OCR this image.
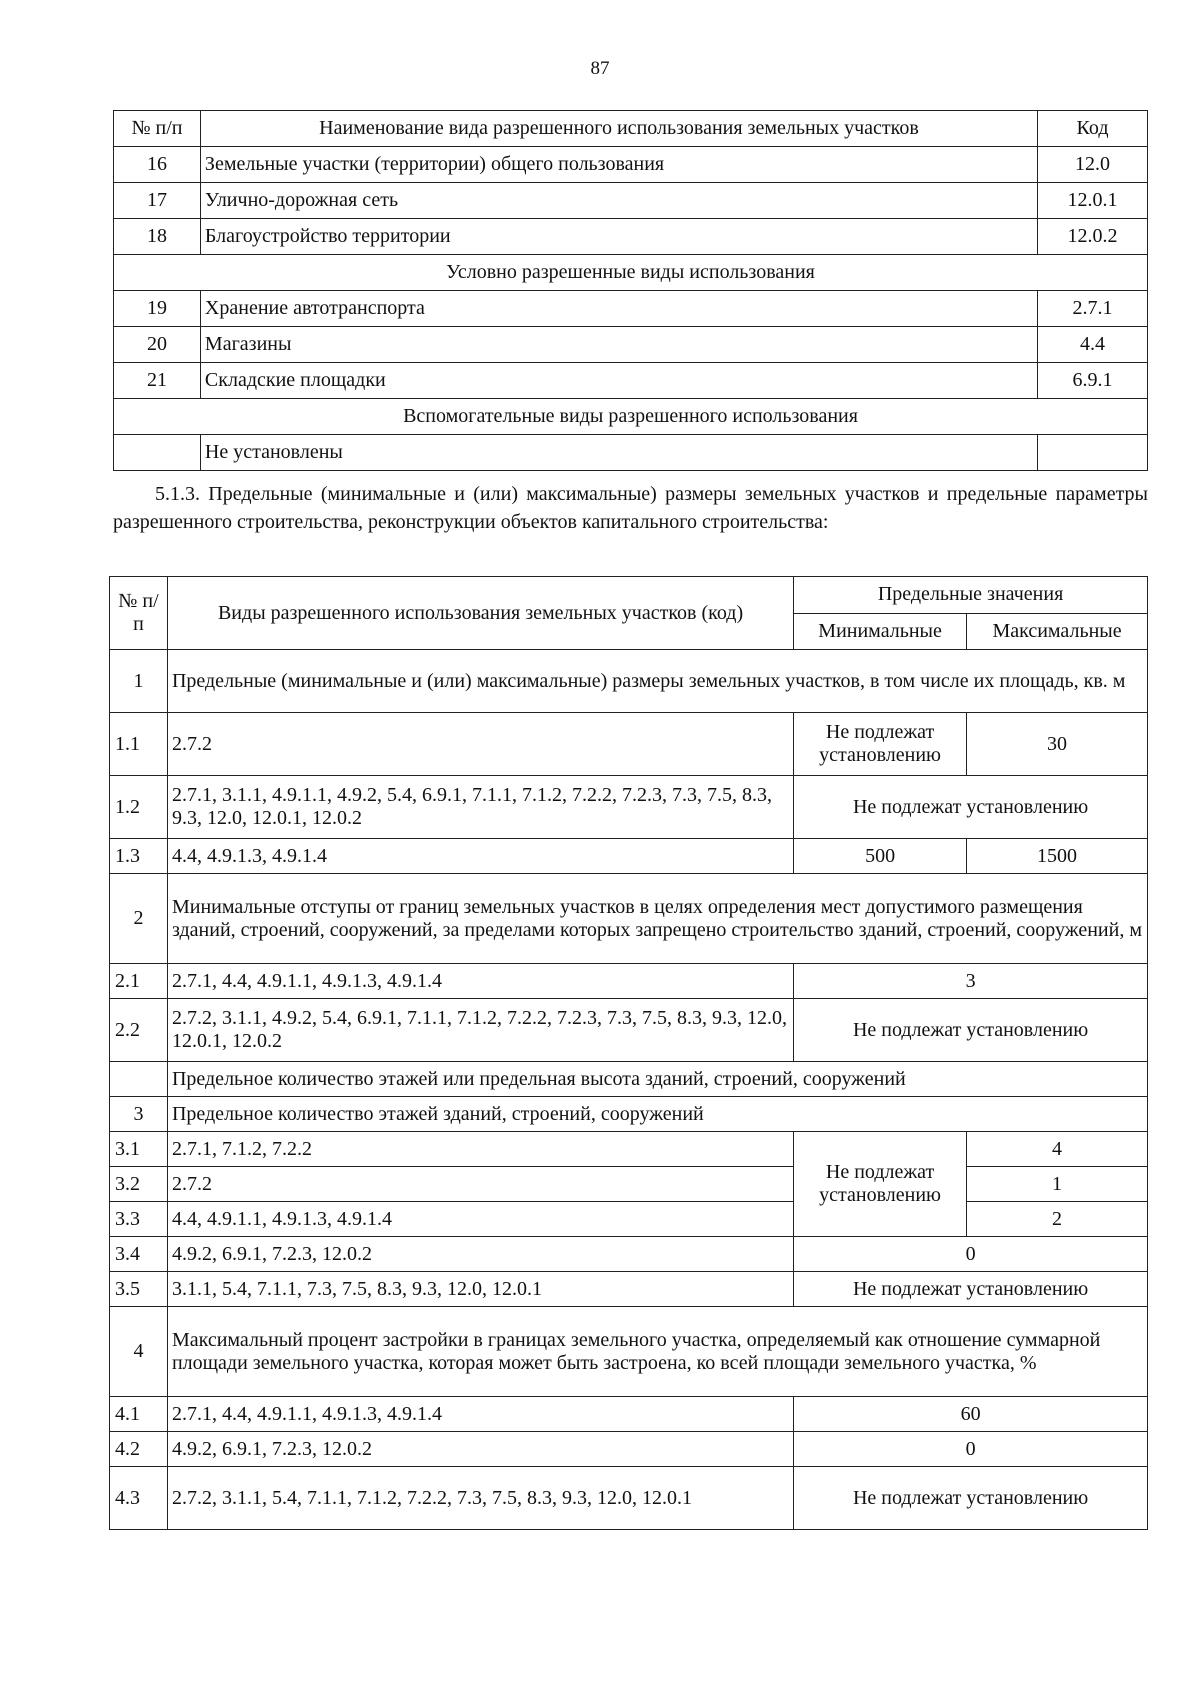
87
№ п/п	Наименование вида разрешенного использования земельных участков	Код
16	Земельные участки (территории) общего пользования	12.0
17	Улично-дорожная сеть	12.0.1
18	Благоустройство территории	12.0.2
Условно разрешенные виды использования		
19	Хранение автотранспорта	2.7.1
20	Магазины	4.4
21	Складские площадки	6.9.1
Вспомогательные виды разрешенного использования		
	Не установлены	
5.1.3. Предельные (минимальные и (или) максимальные) размеры земельных участков и предельные параметры разрешенного строительства, реконструкции объектов капитального строительства:
№ п/п	Виды разрешенного использования земельных участков (код)	Предельные значения	
		Минимальные	Максимальные
1	Предельные (минимальные и (или) максимальные) размеры земельных участков, в том числе их площадь, кв. м		
1.1	2.7.2	Не подлежат установлению	30
1.2	2.7.1, 3.1.1, 4.9.1.1, 4.9.2, 5.4, 6.9.1, 7.1.1, 7.1.2, 7.2.2, 7.2.3, 7.3, 7.5, 8.3, 9.3, 12.0, 12.0.1, 12.0.2	Не подлежат установлению	
1.3	4.4, 4.9.1.3, 4.9.1.4	500	1500
2	Минимальные отступы от границ земельных участков в целях определения мест допустимого размещения зданий, строений, сооружений, за пределами которых запрещено строительство зданий, строений, сооружений, м		
2.1	2.7.1, 4.4, 4.9.1.1, 4.9.1.3, 4.9.1.4	3	
2.2	2.7.2, 3.1.1, 4.9.2, 5.4, 6.9.1, 7.1.1, 7.1.2, 7.2.2, 7.2.3, 7.3, 7.5, 8.3, 9.3, 12.0, 12.0.1, 12.0.2	Не подлежат установлению	
	Предельное количество этажей или предельная высота зданий, строений, сооружений		
3	Предельное количество этажей зданий, строений, сооружений		
3.1	2.7.1, 7.1.2, 7.2.2	Не подлежат установлению	4
3.2	2.7.2		1
3.3	4.4, 4.9.1.1, 4.9.1.3, 4.9.1.4		2
3.4	4.9.2, 6.9.1, 7.2.3, 12.0.2	0	
3.5	3.1.1, 5.4, 7.1.1, 7.3, 7.5, 8.3, 9.3, 12.0, 12.0.1	Не подлежат установлению	
4	Максимальный процент застройки в границах земельного участка, определяемый как отношение суммарной площади земельного участка, которая может быть застроена, ко всей площади земельного участка, %		
4.1	2.7.1, 4.4, 4.9.1.1, 4.9.1.3, 4.9.1.4	60	
4.2	4.9.2, 6.9.1, 7.2.3, 12.0.2	0	
4.3	2.7.2, 3.1.1, 5.4, 7.1.1, 7.1.2, 7.2.2, 7.3, 7.5, 8.3, 9.3, 12.0, 12.0.1	Не подлежат установлению	
